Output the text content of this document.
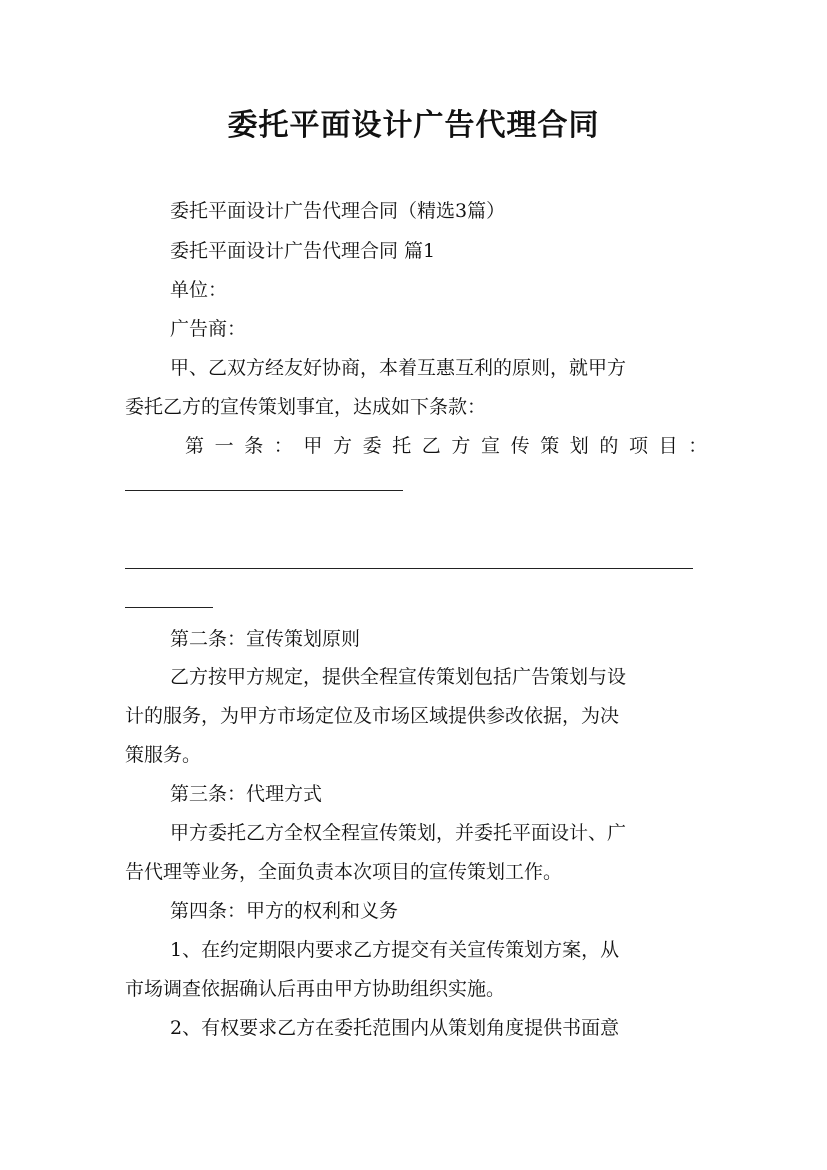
委托平面设计广告代理合同
委托平面设计广告代理合同（精选3篇）
委托平面设计广告代理合同 篇1
单位：
广告商：
甲、乙双方经友好协商，本着互惠互利的原则，就甲方
委托乙方的宣传策划事宜，达成如下条款：
第一条：甲方委托乙方宣传策划的项目：
第二条：宣传策划原则
乙方按甲方规定，提供全程宣传策划包括广告策划与设
计的服务，为甲方市场定位及市场区域提供参改依据，为决
策服务。
第三条：代理方式
甲方委托乙方全权全程宣传策划，并委托平面设计、广
告代理等业务，全面负责本次项目的宣传策划工作。
第四条：甲方的权利和义务
1、在约定期限内要求乙方提交有关宣传策划方案，从
市场调查依据确认后再由甲方协助组织实施。
2、有权要求乙方在委托范围内从策划角度提供书面意
